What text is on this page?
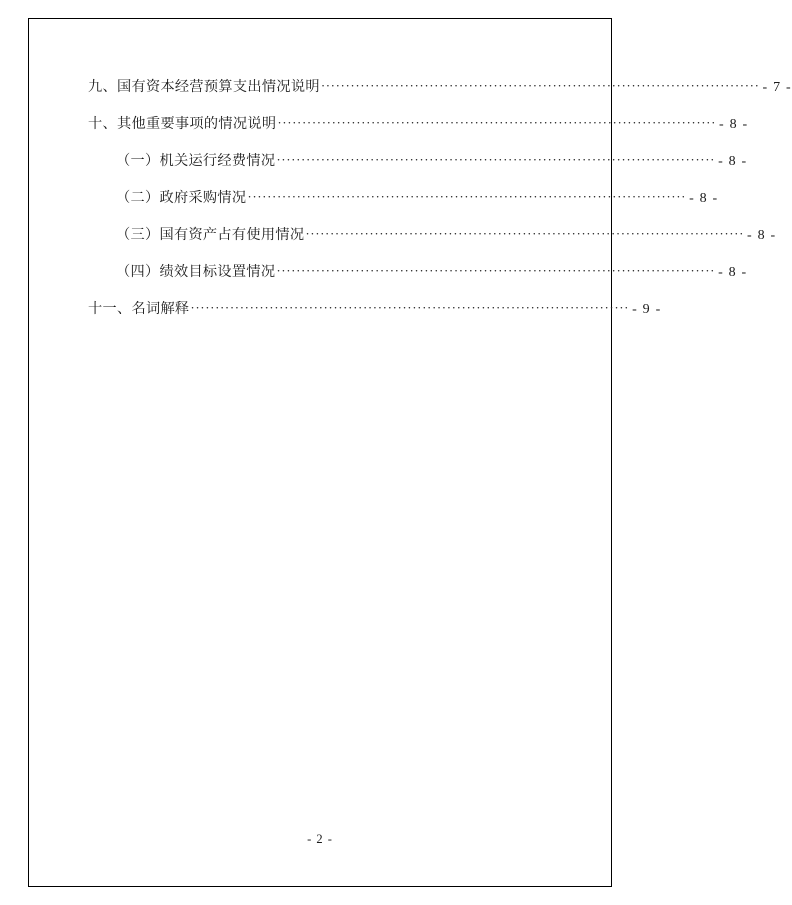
九、国有资本经营预算支出情况说明 ························································································· - 7 -
十、其他重要事项的情况说明 ························································································· - 8 -
（一）机关运行经费情况 ························································································· - 8 -
（二）政府采购情况 ························································································· - 8 -
（三）国有资产占有使用情况 ························································································· - 8 -
（四）绩效目标设置情况 ························································································· - 8 -
十一、名词解释 ························································································· - 9 -
- 2 -
